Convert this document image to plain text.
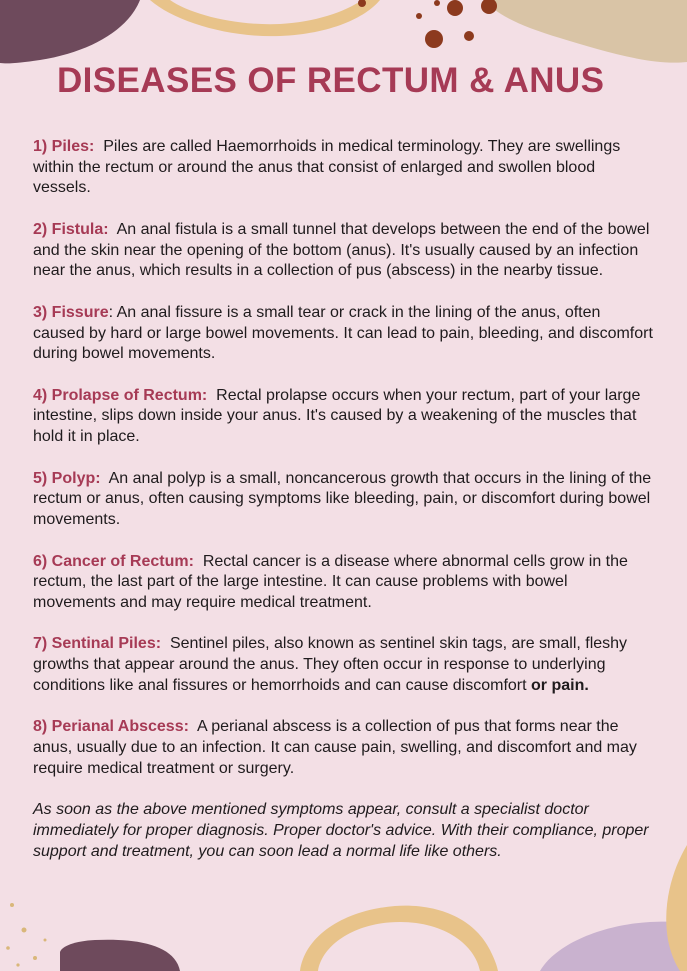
DISEASES OF RECTUM & ANUS

1) Piles: Piles are called Haemorrhoids in medical terminology. They are swellings within the rectum or around the anus that consist of enlarged and swollen blood vessels.

2) Fistula: An anal fistula is a small tunnel that develops between the end of the bowel and the skin near the opening of the bottom (anus). It's usually caused by an infection near the anus, which results in a collection of pus (abscess) in the nearby tissue.

3) Fissure: An anal fissure is a small tear or crack in the lining of the anus, often caused by hard or large bowel movements. It can lead to pain, bleeding, and discomfort during bowel movements.

4) Prolapse of Rectum: Rectal prolapse occurs when your rectum, part of your large intestine, slips down inside your anus. It's caused by a weakening of the muscles that hold it in place.

5) Polyp: An anal polyp is a small, noncancerous growth that occurs in the lining of the rectum or anus, often causing symptoms like bleeding, pain, or discomfort during bowel movements.

6) Cancer of Rectum: Rectal cancer is a disease where abnormal cells grow in the rectum, the last part of the large intestine. It can cause problems with bowel movements and may require medical treatment.

7) Sentinal Piles: Sentinel piles, also known as sentinel skin tags, are small, fleshy growths that appear around the anus. They often occur in response to underlying conditions like anal fissures or hemorrhoids and can cause discomfort or pain.

8) Perianal Abscess: A perianal abscess is a collection of pus that forms near the anus, usually due to an infection. It can cause pain, swelling, and discomfort and may require medical treatment or surgery.

As soon as the above mentioned symptoms appear, consult a specialist doctor immediately for proper diagnosis. Proper doctor's advice. With their compliance, proper support and treatment, you can soon lead a normal life like others.
